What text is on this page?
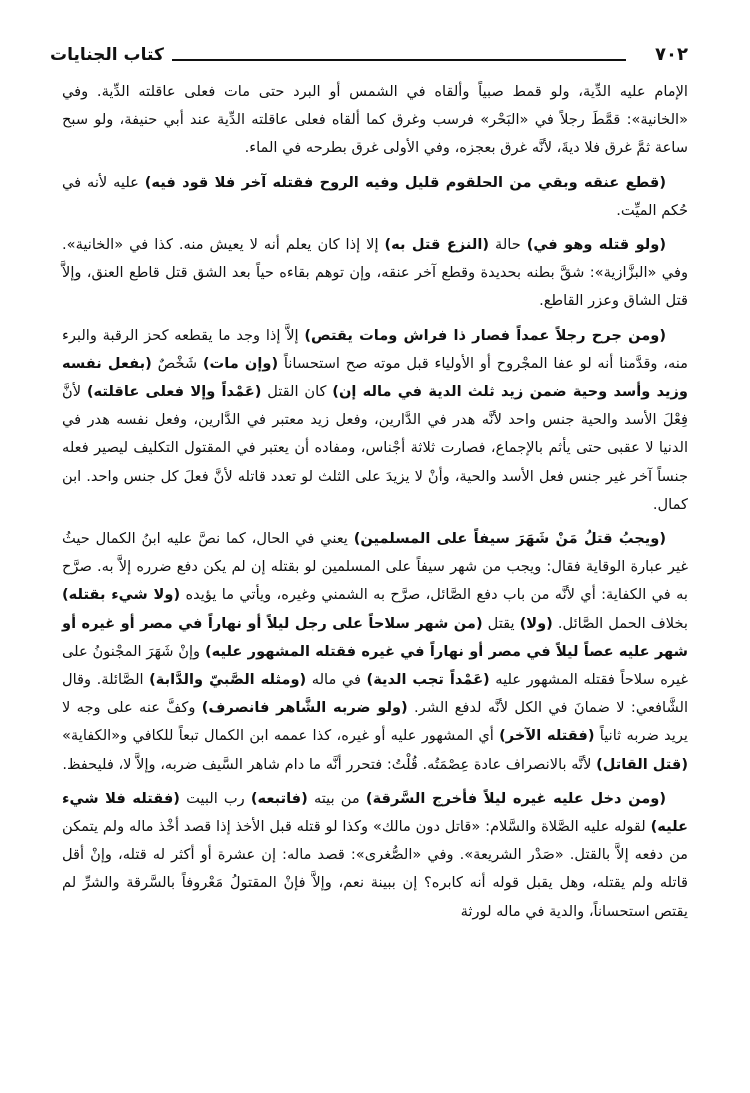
كتاب الجنايات	٧٠٢

الإمام عليه الدِّية، ولو قمط صبياً وألقاه في الشمس أو البرد حتى مات فعلى عاقلته الدِّية. وفي «الخانية»: قمَّطَ رجلاً في «البَحْر» فرسب وغرق كما ألقاه فعلى عاقلته الدِّية عند أبي حنيفة، ولو سبح ساعة ثمَّ غرق فلا ديةَ، لأنَّه غرق بعجزه، وفي الأولى غرق بطرحه في الماء.

(قطع عنقه وبقي من الحلقوم قليل وفيه الروح فقتله آخر فلا قود فيه) عليه لأنه في حُكم الميِّت.

(ولو قتله وهو في) حالة (النزع قتل به) إلا إذا كان يعلم أنه لا يعيش منه. كذا في «الخانية». وفي «البزَّازية»: شقَّ بطنه بحديدة وقطع آخر عنقه، وإن توهم بقاءه حياً بعد الشق قتل قاطع العنق، وإلاَّ قتل الشاق وعزر القاطع.

(ومن جرح رجلاً عمداً فصار ذا فراش ومات يقتص) إلاَّ إذا وجد ما يقطعه كحز الرقبة والبرء منه، وقدَّمنا أنه لو عفا المجْروح أو الأولياء قبل موته صح استحساناً (وإن مات) شَخْصٌ (بفعل نفسه وزيد وأسد وحية ضمن زيد ثلث الدية في ماله إن) كان القتل (عَمْداً وإلا فعلى عاقلته) لأنَّ فِعْلَ الأسد والحية جنس واحد لأنَّه هدر في الدَّارين، وفعل زيد معتبر في الدَّارين، وفعل نفسه هدر في الدنيا لا عقبى حتى يأثم بالإجماع، فصارت ثلاثة أجْناس، ومفاده أن يعتبر في المقتول التكليف ليصير فعله جنساً آخر غير جنس فعل الأسد والحية، وأنْ لا يزيدَ على الثلث لو تعدد قاتله لأنَّ فعلَ كل جنس واحد. ابن كمال.

(ويجبُ قتلُ مَنْ شَهَرَ سيفاً على المسلمين) يعني في الحال، كما نصَّ عليه ابنُ الكمال حيثُ غير عبارة الوقاية فقال: ويجب من شهر سيفاً على المسلمين لو بقتله إن لم يكن دفع ضرره إلاَّ به. صرَّح به في الكفاية: أي لأنَّه من باب دفع الصَّائل، صرَّح به الشمني وغيره، ويأتي ما يؤيده (ولا شيء بقتله) بخلاف الحمل الصَّائل. (ولا) يقتل (من شهر سلاحاً على رجل ليلاً أو نهاراً في مصر أو غيره أو شهر عليه عصاً ليلاً في مصر أو نهاراً في غيره فقتله المشهور عليه) وإنْ شَهَرَ المجْنونُ على غيره سلاحاً فقتله المشهور عليه (عَمْداً تجب الدية) في ماله (ومثله الصَّبيّ والدَّابة) الصَّائلة. وقال الشَّافعي: لا ضمانَ في الكل لأنَّه لدفع الشر. (ولو ضربه الشَّاهر فانصرف) وكفَّ عنه على وجه لا يريد ضربه ثانياً (فقتله الآخر) أي المشهور عليه أو غيره، كذا عممه ابن الكمال تبعاً للكافي و«الكفاية» (قتل القاتل) لأنَّه بالانصراف عادة عِصْمَتُه. قُلْتُ: فتحرر أنَّه ما دام شاهر السَّيف ضربه، وإلاَّ لا، فليحفظ.

(ومن دخل عليه غيره ليلاً فأخرج السَّرقة) من بيته (فاتبعه) رب البيت (فقتله فلا شيء عليه) لقوله عليه الصَّلاة والسَّلام: «قاتل دون مالك» وكذا لو قتله قبل الأخذ إذا قصد أخْذ ماله ولم يتمكن من دفعه إلاَّ بالقتل. «صَدْر الشريعة». وفي «الصُّغرى»: قصد ماله: إن عشرة أو أكثر له قتله، وإنْ أقل قاتله ولم يقتله، وهل يقبل قوله أنه كابره؟ إن ببينة نعم، وإلاَّ فإنْ المقتولُ مَعْروفاً بالسَّرقة والشرِّ لم يقتص استحساناً، والدية في ماله لورثة
